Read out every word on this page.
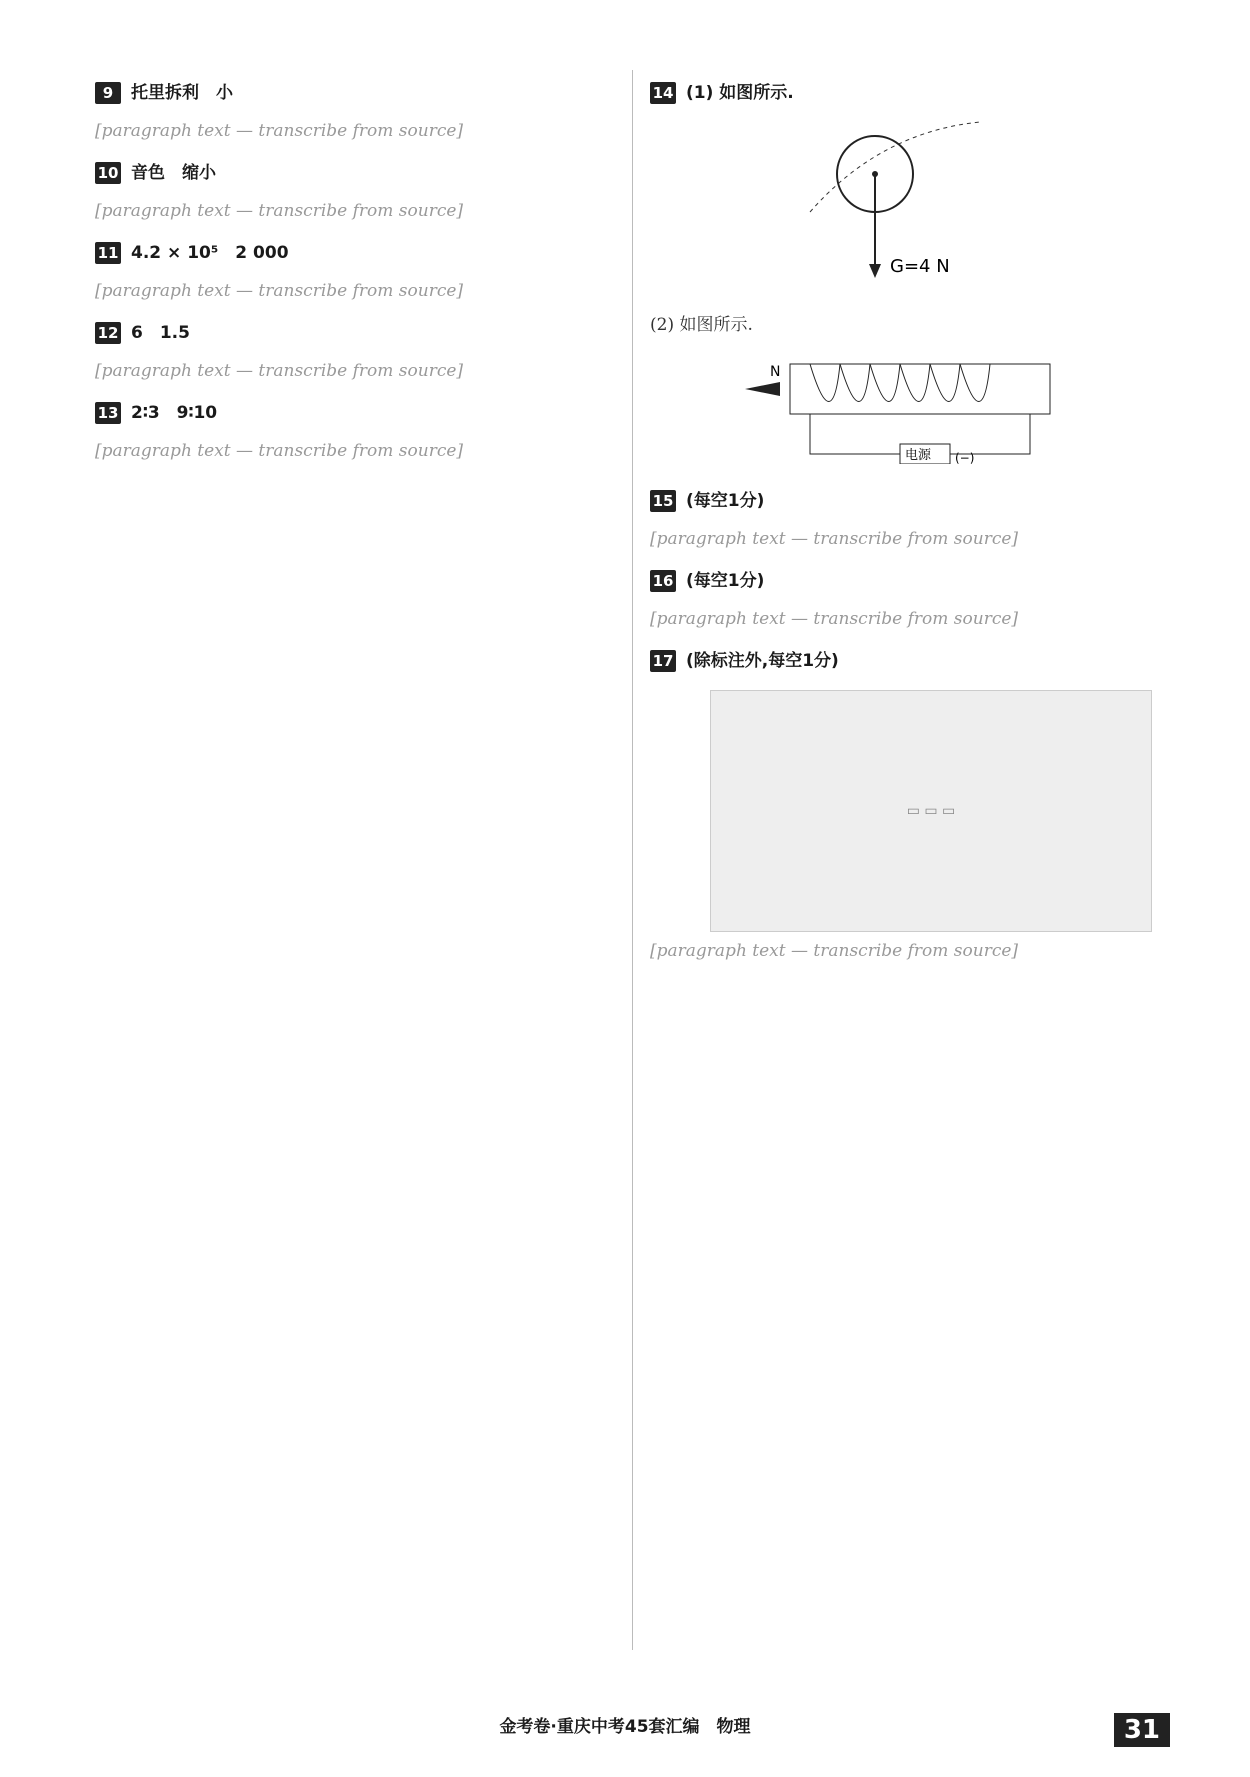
9	托里拆利　小
[paragraph text — transcribe from source]
10 音色　缩小
[paragraph text — transcribe from source]
11 4.2 × 10⁵　2 000
[paragraph text — transcribe from source]
12 6　1.5
[paragraph text — transcribe from source]
13 2∶3　9∶10
[paragraph text — transcribe from source]
14 (1) 如图所示.
G=4 N
(2) 如图所示.
N
电源 (−)
15 (每空1分)
[paragraph text — transcribe from source]
16 (每空1分)
[paragraph text — transcribe from source]
17 (除标注外,每空1分)
▭ ▭ ▭
[paragraph text — transcribe from source]
金考卷·重庆中考45套汇编　物理	31
